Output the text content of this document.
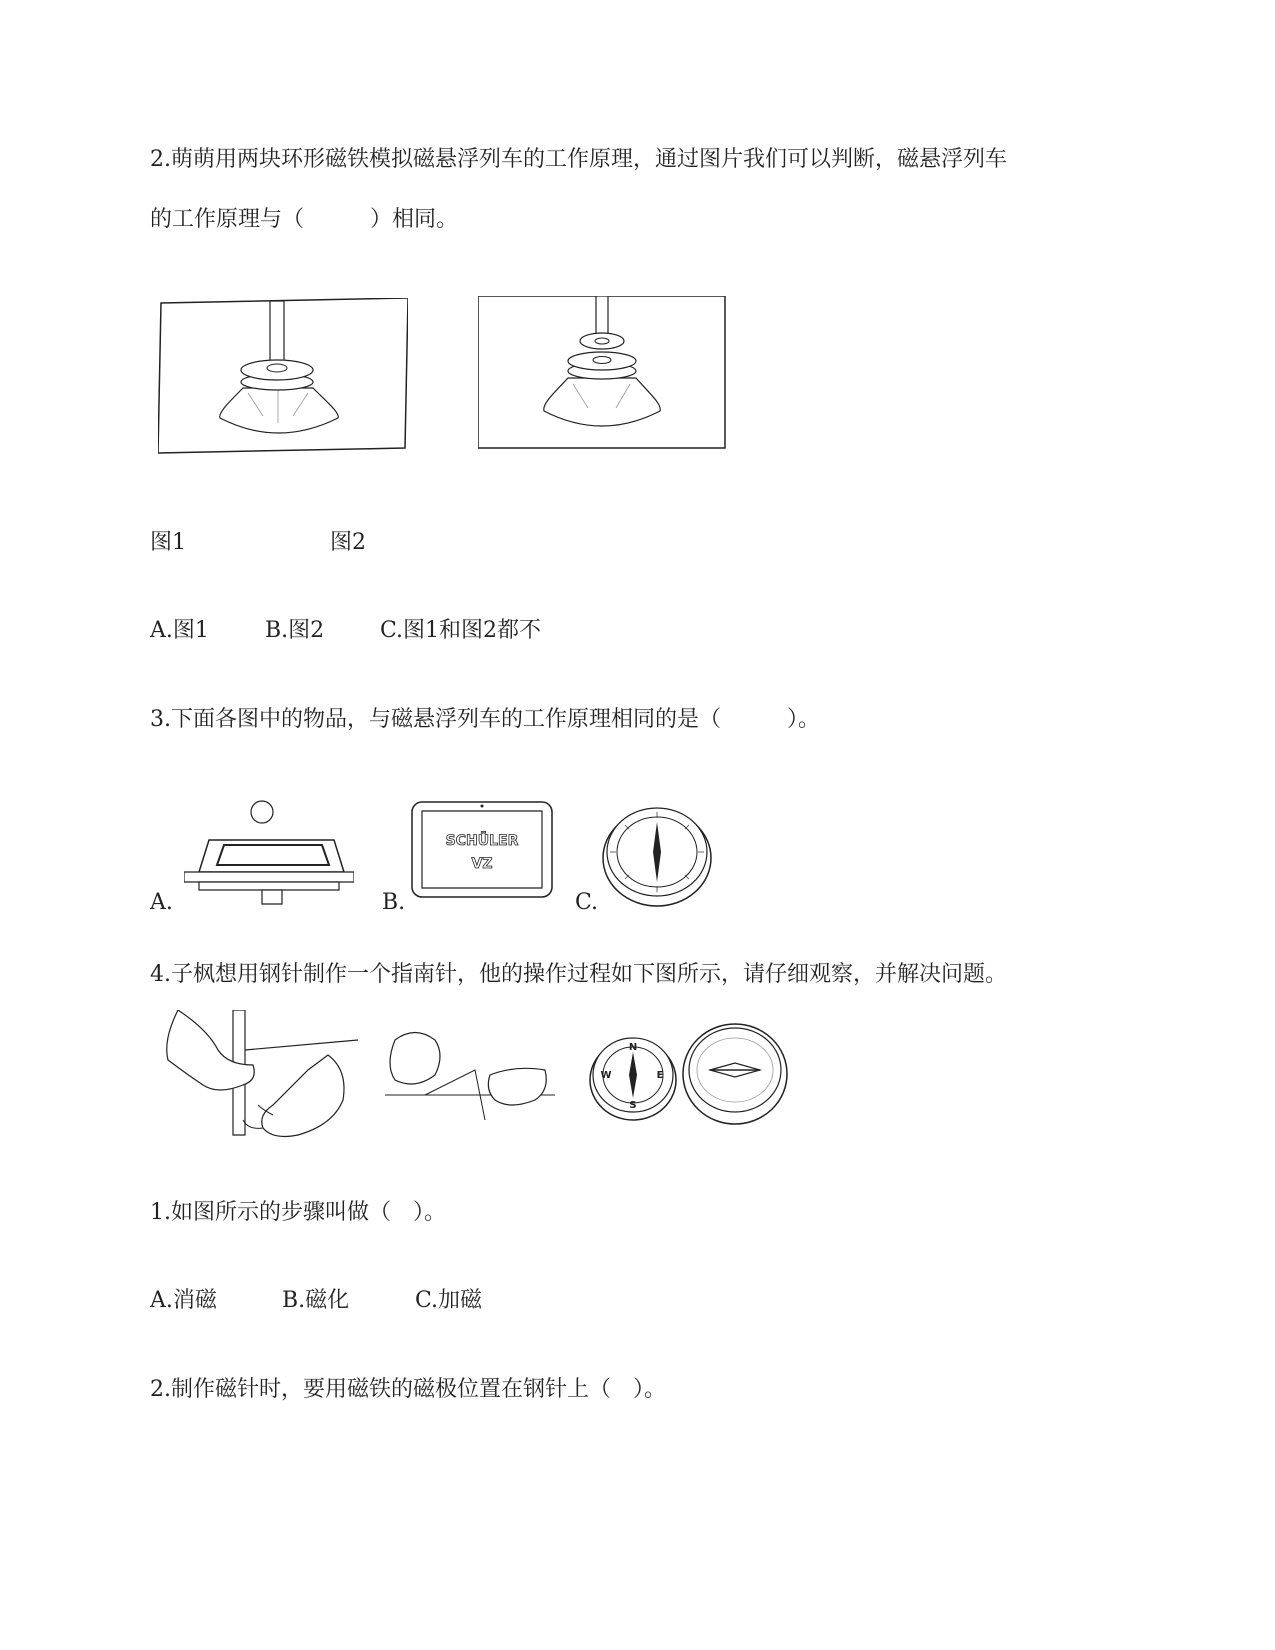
2.萌萌用两块环形磁铁模拟磁悬浮列车的工作原理，通过图片我们可以判断，磁悬浮列车
的工作原理与（　　　）相同。
图1	图2
A.图1	B.图2	C.图1和图2都不
3.下面各图中的物品，与磁悬浮列车的工作原理相同的是（　　　）。
A.	B.
SCHÜLER
VZ
C.
4.子枫想用钢针制作一个指南针，他的操作过程如下图所示，请仔细观察，并解决问题。
N
E
S
W
1.如图所示的步骤叫做（　）。
A.消磁	B.磁化	C.加磁
2.制作磁针时，要用磁铁的磁极位置在钢针上（　）。
